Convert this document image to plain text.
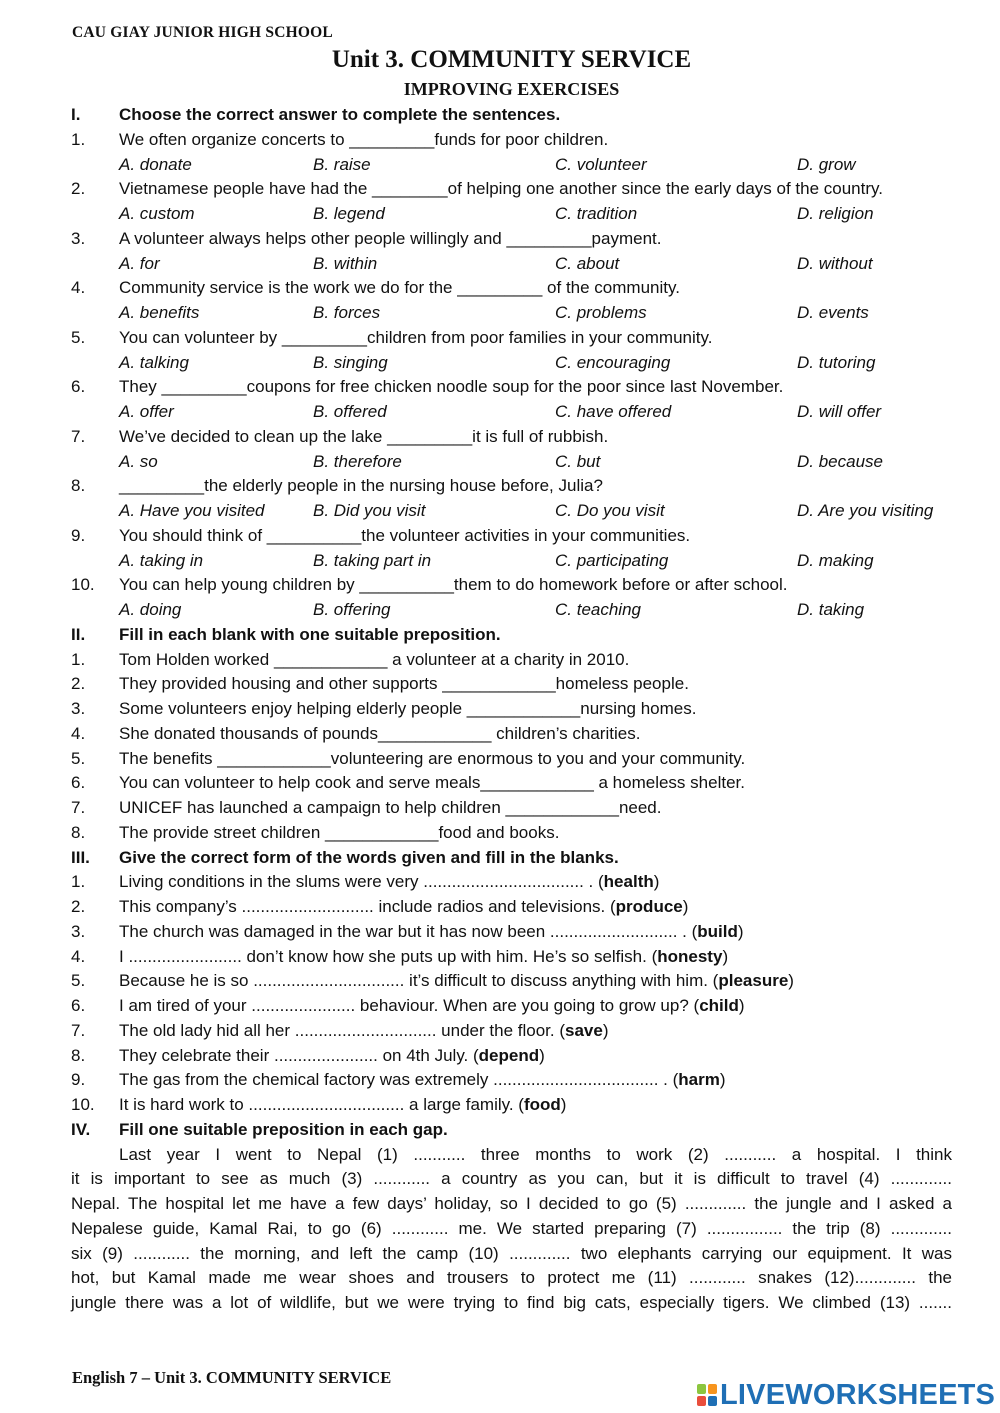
CAU GIAY JUNIOR HIGH SCHOOL
Unit 3. COMMUNITY SERVICE
IMPROVING EXERCISES
I. Choose the correct answer to complete the sentences.
1. We often organize concerts to _________funds for poor children.
A. donate	B. raise	C. volunteer	D. grow
2. Vietnamese people have had the ________of helping one another since the early days of the country.
A. custom	B. legend	C. tradition	D. religion
3. A volunteer always helps other people willingly and _________payment.
A. for	B. within	C. about	D. without
4. Community service is the work we do for the _________ of the community.
A. benefits	B. forces	C. problems	D. events
5. You can volunteer by _________children from poor families in your community.
A. talking	B. singing	C. encouraging	D. tutoring
6. They _________coupons for free chicken noodle soup for the poor since last November.
A. offer	B. offered	C. have offered	D. will offer
7. We’ve decided to clean up the lake _________it is full of rubbish.
A. so	B. therefore	C. but	D. because
8. _________the elderly people in the nursing house before, Julia?
A. Have you visited	B. Did you visit	C. Do you visit	D. Are you visiting
9. You should think of __________the volunteer activities in your communities.
A. taking in	B. taking part in	C. participating	D. making
10. You can help young children by __________them to do homework before or after school.
A. doing	B. offering	C. teaching	D. taking
II. Fill in each blank with one suitable preposition.
1. Tom Holden worked ____________ a volunteer at a charity in 2010.
2. They provided housing and other supports ____________homeless people.
3. Some volunteers enjoy helping elderly people ____________nursing homes.
4. She donated thousands of pounds____________ children’s charities.
5. The benefits ____________volunteering are enormous to you and your community.
6. You can volunteer to help cook and serve meals____________ a homeless shelter.
7. UNICEF has launched a campaign to help children ____________need.
8. The provide street children ____________food and books.
III. Give the correct form of the words given and fill in the blanks.
1. Living conditions in the slums were very .................................. . (health)
2. This company’s ............................ include radios and televisions. (produce)
3. The church was damaged in the war but it has now been ........................... . (build)
4. I ........................ don’t know how she puts up with him. He’s so selfish. (honesty)
5. Because he is so ................................ it’s difficult to discuss anything with him. (pleasure)
6. I am tired of your ...................... behaviour. When are you going to grow up? (child)
7. The old lady hid all her .............................. under the floor. (save)
8. They celebrate their ...................... on 4th July. (depend)
9. The gas from the chemical factory was extremely ................................... . (harm)
10. It is hard work to ................................. a large family. (food)
IV. Fill one suitable preposition in each gap.
Last year I went to Nepal (1) ........... three months to work (2) ........... a hospital. I think
it is important to see as much (3) ............ a country as you can, but it is difficult to travel (4) .............
Nepal. The hospital let me have a few days’ holiday, so I decided to go (5) ............. the jungle and I asked a
Nepalese guide, Kamal Rai, to go (6) ............ me. We started preparing (7) ................ the trip (8) .............
six (9) ............ the morning, and left the camp (10) ............. two elephants carrying our equipment. It was
hot, but Kamal made me wear shoes and trousers to protect me (11) ............ snakes (12)............. the
jungle there was a lot of wildlife, but we were trying to find big cats, especially tigers. We climbed (13) .......
English 7 – Unit 3. COMMUNITY SERVICE
LIVEWORKSHEETS
